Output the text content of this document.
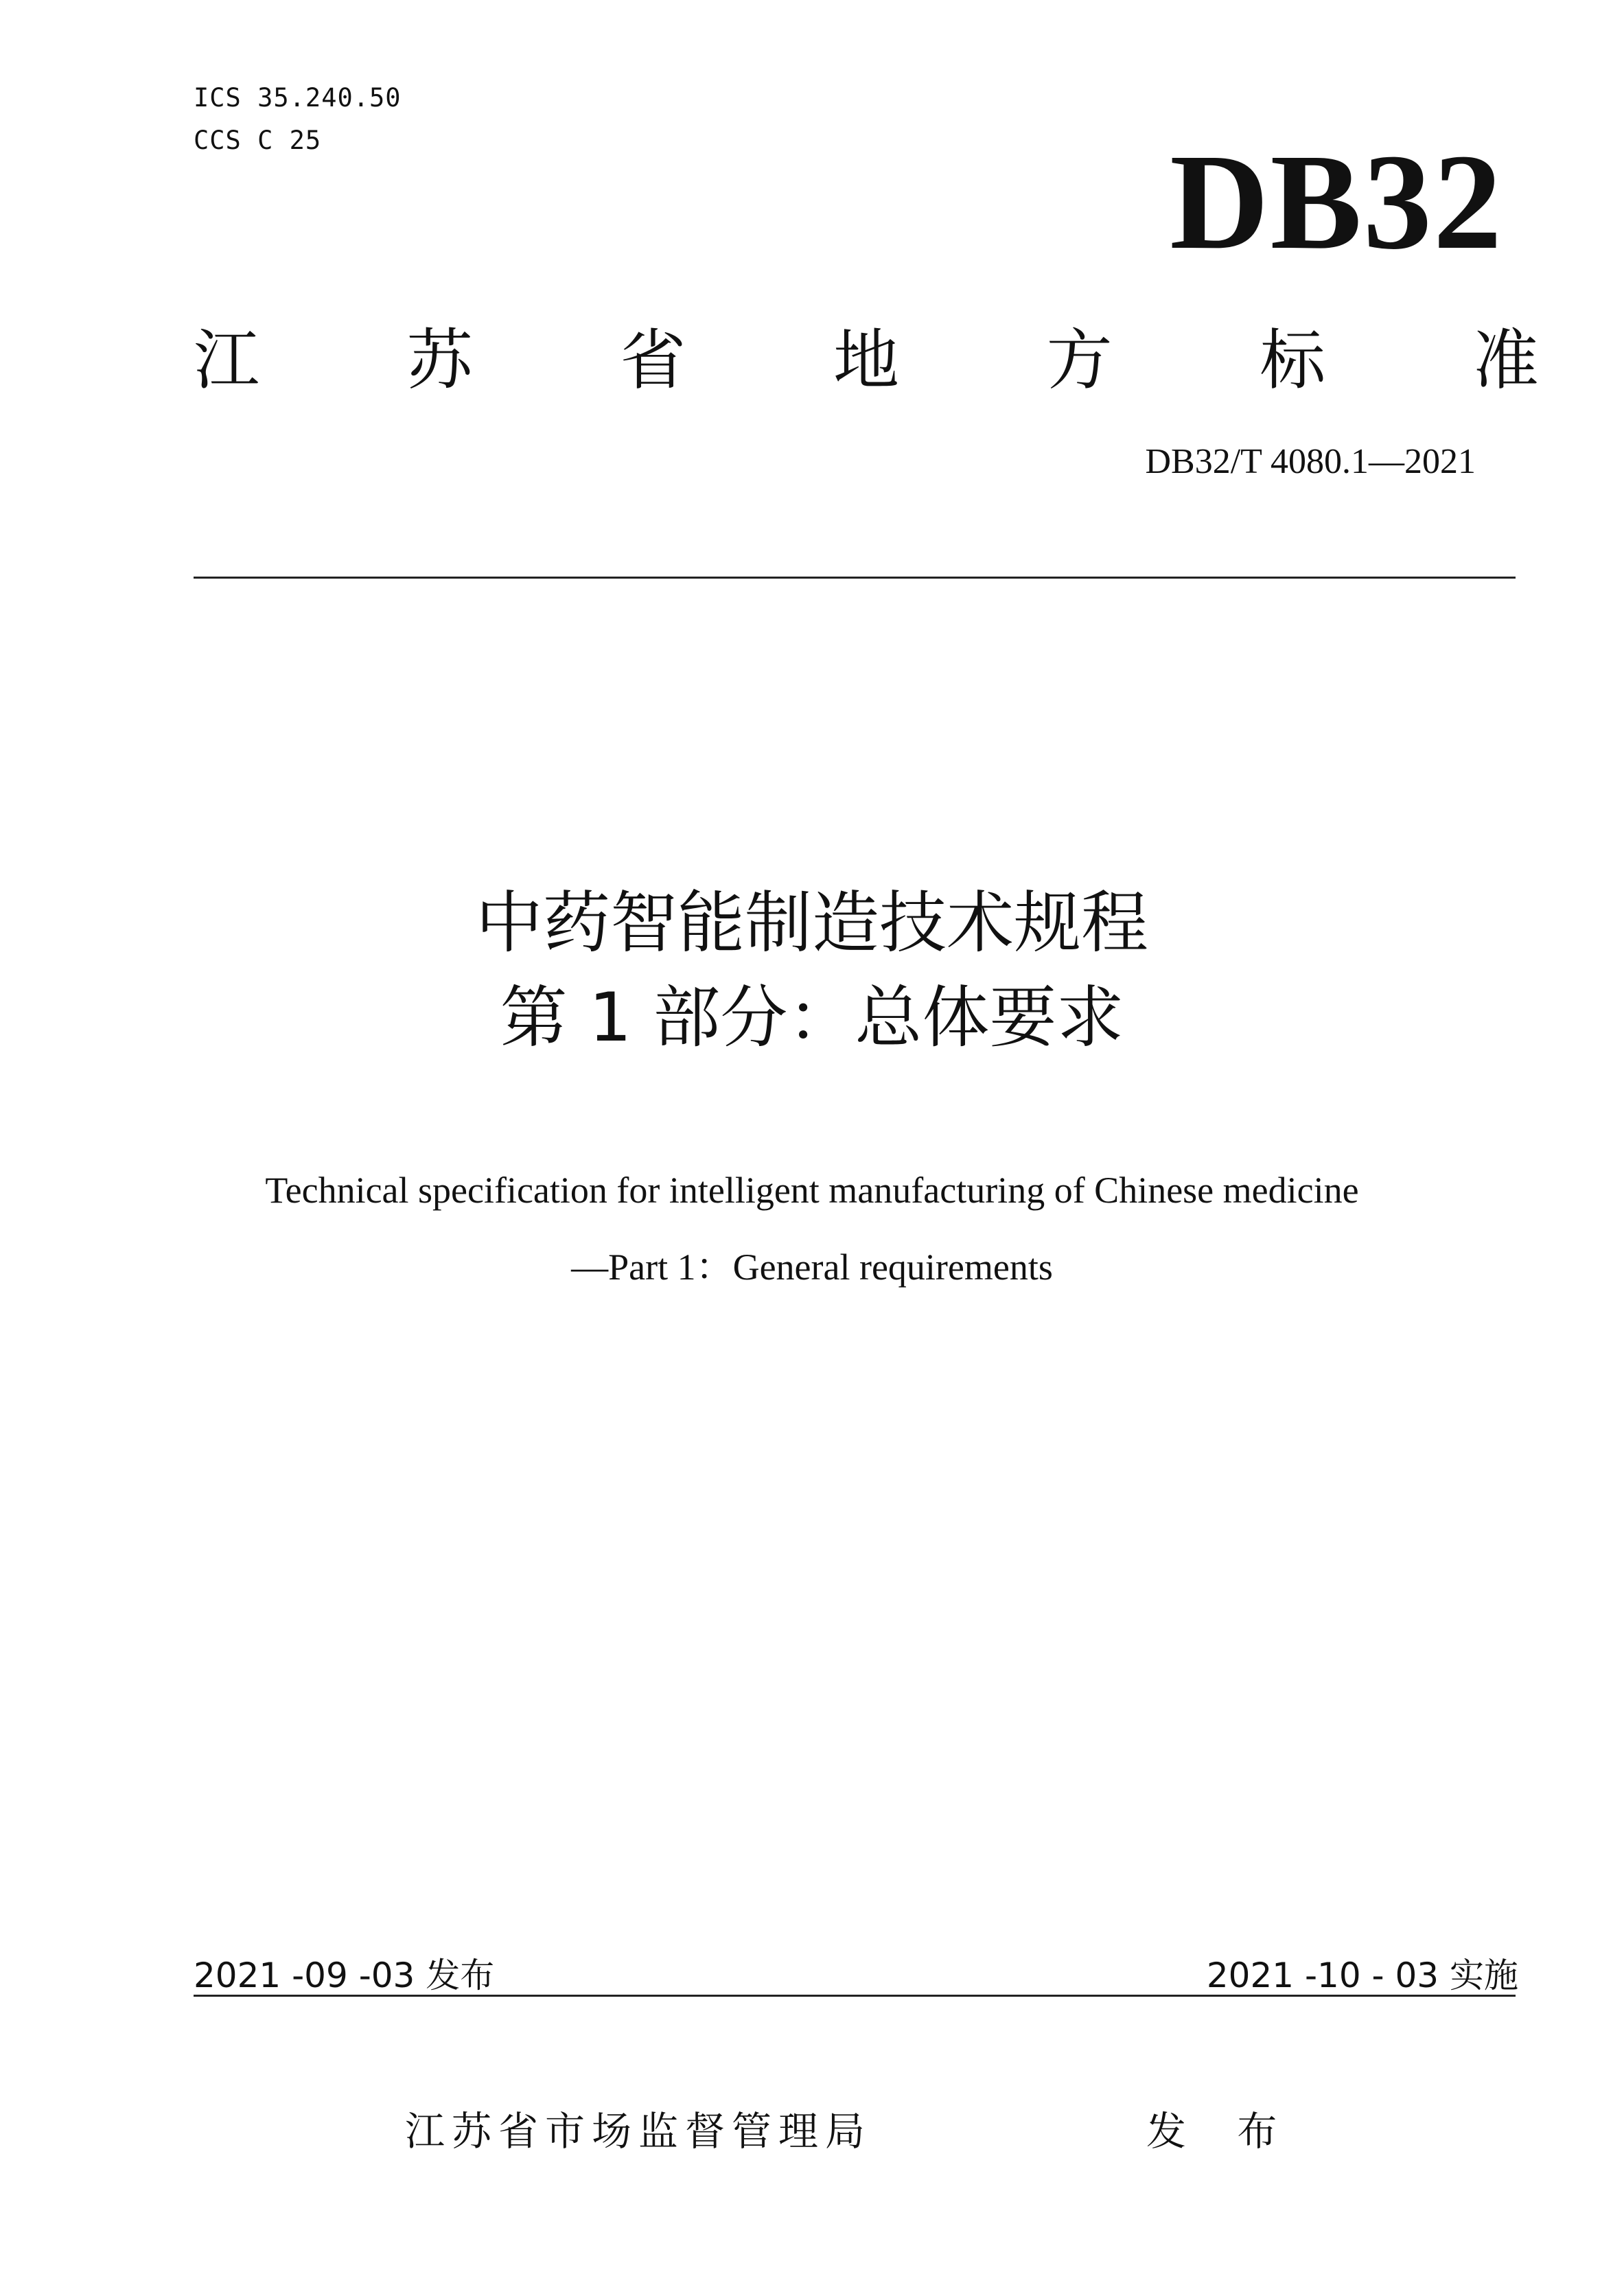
ICS 35.240.50
CCS C 25	DB32
江 苏 省 地 方 标 准
DB32/T 4080.1—2021
中药智能制造技术规程
第 1 部分：总体要求
Technical specification for intelligent manufacturing of Chinese medicine
—Part 1：General requirements
2021 -09 -03 发布	2021 -10 - 03 实施
江苏省市场监督管理局	发 布
